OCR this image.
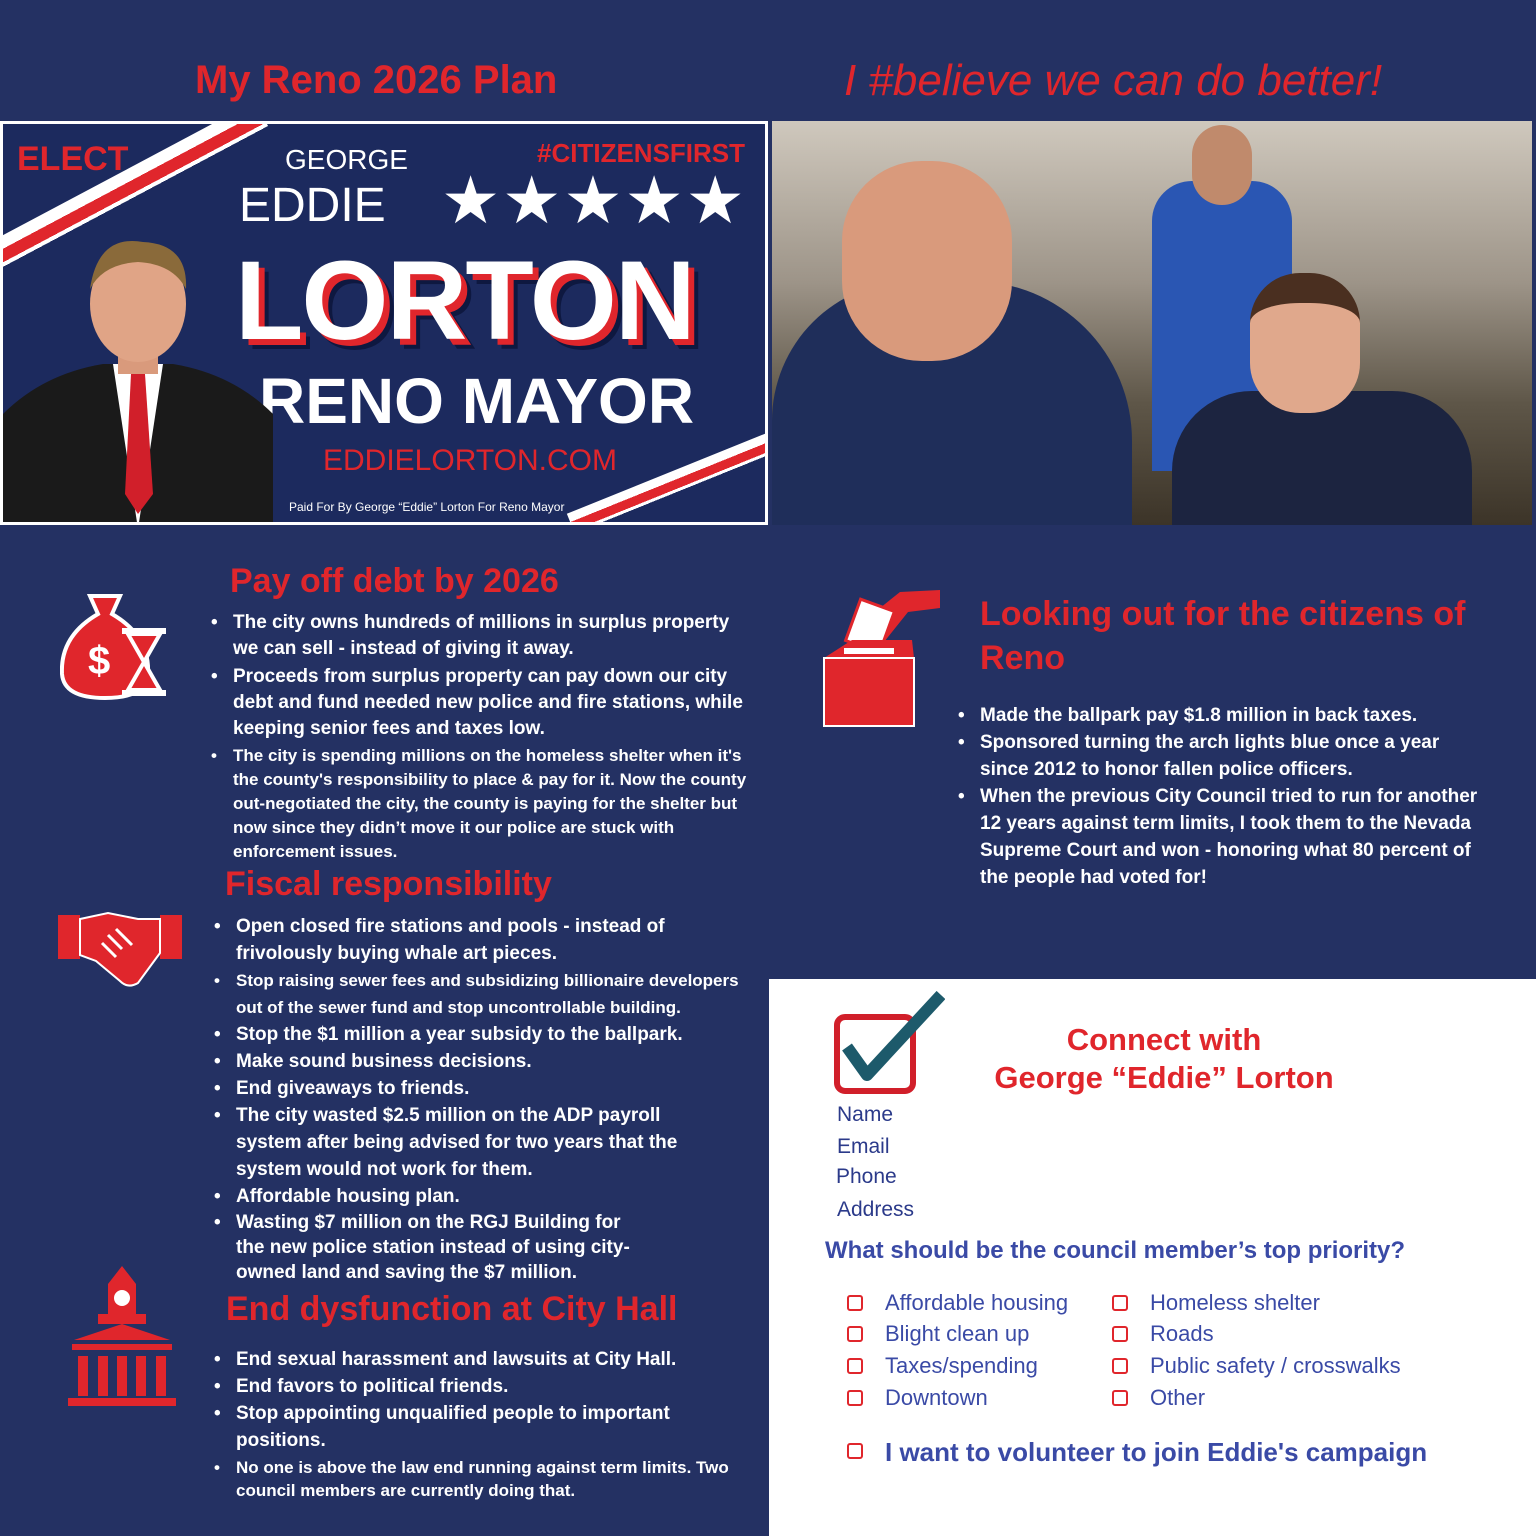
My Reno 2026 Plan	I #believe we can do better!
ELECT	GEORGE
EDDIE ★★★★★
#CITIZENSFIRST
LORTON
RENO MAYOR
EDDIELORTON.COM
Paid For By George “Eddie” Lorton For Reno Mayor
$
Pay off debt by 2026
• The city owns hundreds of millions in surplus property we can sell - instead of giving it away.
• Proceeds from surplus property can pay down our city debt and fund needed new police and fire stations, while keeping senior fees and taxes low.
• The city is spending millions on the homeless shelter when it's the county's responsibility to place & pay for it. Now the county out-negotiated the city, the county is paying for the shelter but now since they didn’t move it our police are stuck with enforcement issues.
Fiscal responsibility
• Open closed fire stations and pools - instead of frivolously buying whale art pieces.
• Stop raising sewer fees and subsidizing billionaire developers out of the sewer fund and stop uncontrollable building.
• Stop the $1 million a year subsidy to the ballpark.
• Make sound business decisions.
• End giveaways to friends.
• The city wasted $2.5 million on the ADP payroll system after being advised for two years that the system would not work for them.
• Affordable housing plan.
• Wasting $7 million on the RGJ Building for the new police station instead of using city-owned land and saving the $7 million.
End dysfunction at City Hall
• End sexual harassment and lawsuits at City Hall.
• End favors to political friends.
• Stop appointing unqualified people to important positions.
• No one is above the law end running against term limits. Two council members are currently doing that.
Looking out for the citizens of Reno
• Made the ballpark pay $1.8 million in back taxes.
• Sponsored turning the arch lights blue once a year since 2012 to honor fallen police officers.
• When the previous City Council tried to run for another 12 years against term limits, I took them to the Nevada Supreme Court and won - honoring what 80 percent of the people had voted for!
Connect with
George “Eddie” Lorton
Name
Email
Phone
Address
What should be the council member’s top priority?
Affordable housing
Blight clean up
Taxes/spending
Downtown
Homeless shelter
Roads
Public safety / crosswalks
Other
I want to volunteer to join Eddie's campaign
